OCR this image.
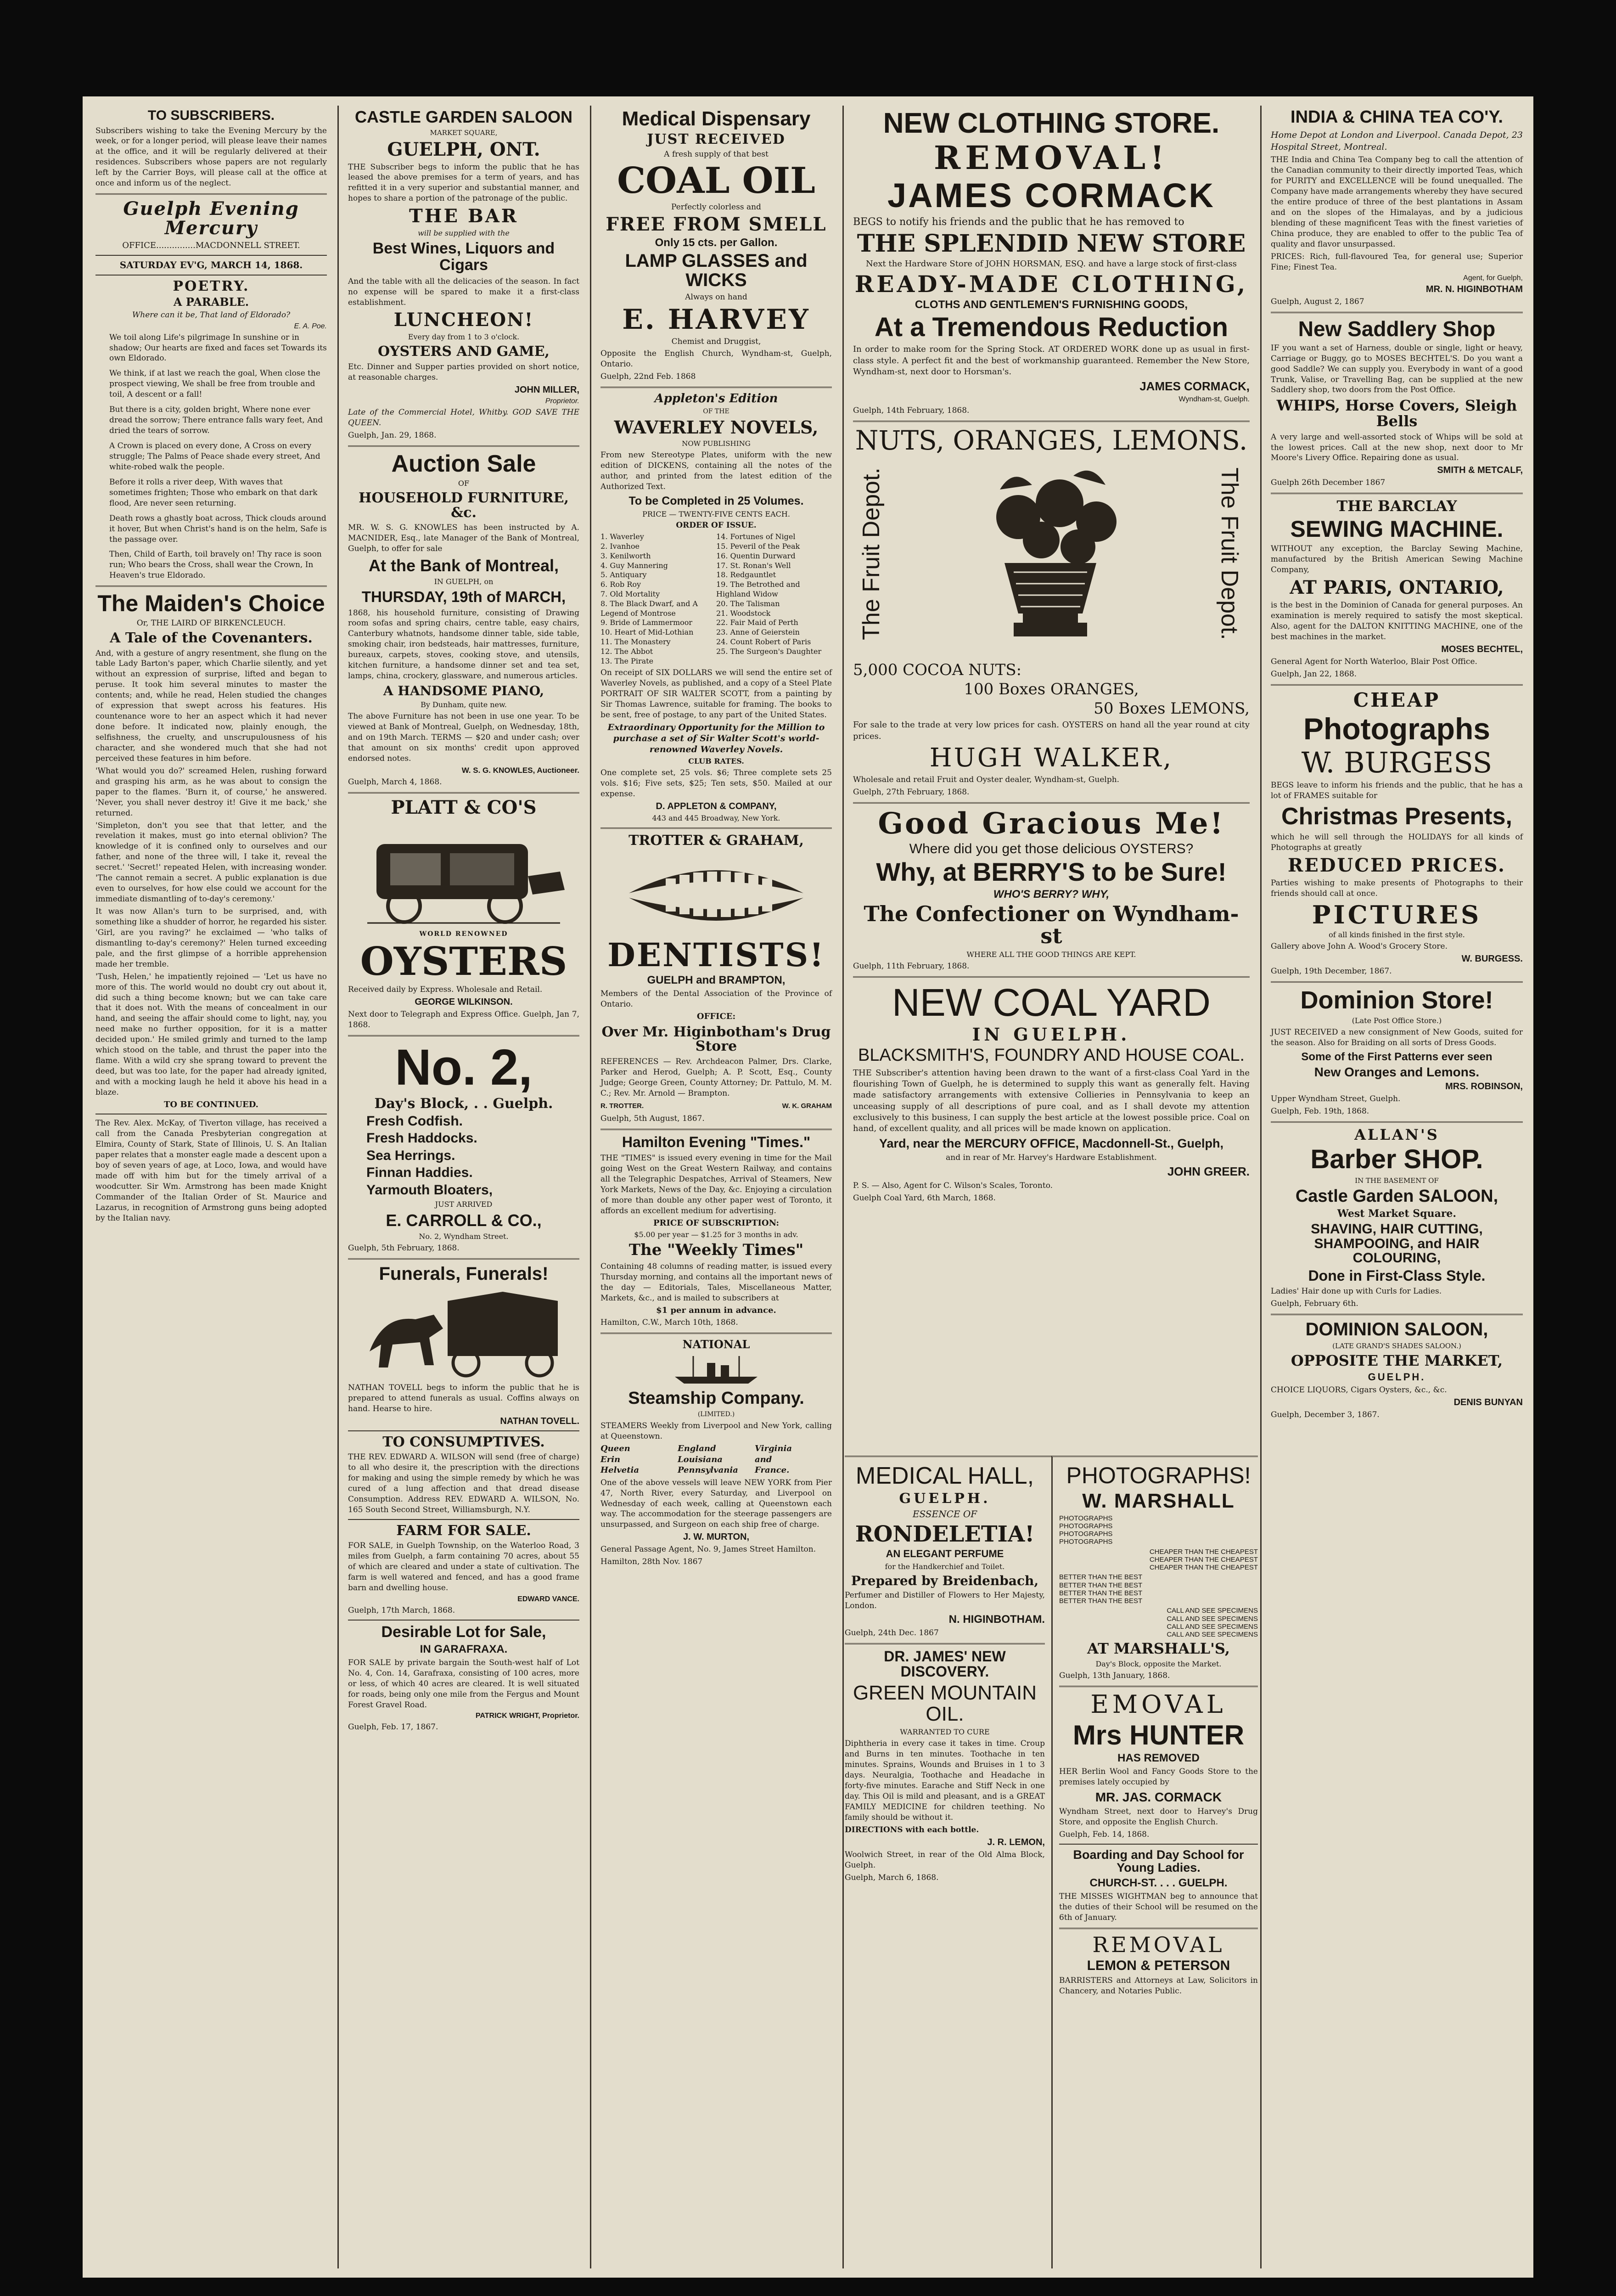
TO SUBSCRIBERS.

Subscribers wishing to take the Evening Mercury by the week, or for a longer period, will please leave their names at the office, and it will be regularly delivered at their residences. Subscribers whose papers are not regularly left by the Carrier Boys, will please call at the office at once and inform us of the neglect.

Guelph Evening Mercury
OFFICE...............MACDONNELL STREET.
SATURDAY EV'G, MARCH 14, 1868.
POETRY.
A PARABLE.
Where can it be, That land of Eldorado?
E. A. Poe.

We toil along Life's pilgrimage In sunshine or in shadow; Our hearts are fixed and faces set Towards its own Eldorado.

We think, if at last we reach the goal, When close the prospect viewing, We shall be free from trouble and toil, A descent or a fall!

But there is a city, golden bright, Where none ever dread the sorrow; There entrance falls wary feet, And dried the tears of sorrow.

A Crown is placed on every done, A Cross on every struggle; The Palms of Peace shade every street, And white-robed walk the people.

Before it rolls a river deep, With waves that sometimes frighten; Those who embark on that dark flood, Are never seen returning.

Death rows a ghastly boat across, Thick clouds around it hover, But when Christ's hand is on the helm, Safe is the passage over.

Then, Child of Earth, toil bravely on! Thy race is soon run; Who bears the Cross, shall wear the Crown, In Heaven's true Eldorado.

The Maiden's Choice
Or, THE LAIRD OF BIRKENCLEUCH.
A Tale of the Covenanters.

And, with a gesture of angry resentment, she flung on the table Lady Barton's paper, which Charlie silently, and yet without an expression of surprise, lifted and began to peruse. It took him several minutes to master the contents; and, while he read, Helen studied the changes of expression that swept across his features. His countenance wore to her an aspect which it had never done before. It indicated now, plainly enough, the selfishness, the cruelty, and unscrupulousness of his character, and she wondered much that she had not perceived these features in him before.

'What would you do?' screamed Helen, rushing forward and grasping his arm, as he was about to consign the paper to the flames. 'Burn it, of course,' he answered. 'Never, you shall never destroy it! Give it me back,' she returned.

'Simpleton, don't you see that that letter, and the revelation it makes, must go into eternal oblivion? The knowledge of it is confined only to ourselves and our father, and none of the three will, I take it, reveal the secret.' 'Secret!' repeated Helen, with increasing wonder. 'The cannot remain a secret. A public explanation is due even to ourselves, for how else could we account for the immediate dismantling of to-day's ceremony.'

It was now Allan's turn to be surprised, and, with something like a shudder of horror, he regarded his sister. 'Girl, are you raving?' he exclaimed — 'who talks of dismantling to-day's ceremony?' Helen turned exceeding pale, and the first glimpse of a horrible apprehension made her tremble.

'Tush, Helen,' he impatiently rejoined — 'Let us have no more of this. The world would no doubt cry out about it, did such a thing become known; but we can take care that it does not. With the means of concealment in our hand, and seeing the affair should come to light, nay, you need make no further opposition, for it is a matter decided upon.' He smiled grimly and turned to the lamp which stood on the table, and thrust the paper into the flame. With a wild cry she sprang toward to prevent the deed, but was too late, for the paper had already ignited, and with a mocking laugh he held it above his head in a blaze.

TO BE CONTINUED.

The Rev. Alex. McKay, of Tiverton village, has received a call from the Canada Presbyterian congregation at Elmira, County of Stark, State of Illinois, U. S. An Italian paper relates that a monster eagle made a descent upon a boy of seven years of age, at Loco, Iowa, and would have made off with him but for the timely arrival of a woodcutter. Sir Wm. Armstrong has been made Knight Commander of the Italian Order of St. Maurice and Lazarus, in recognition of Armstrong guns being adopted by the Italian navy.

CASTLE GARDEN SALOON
MARKET SQUARE,
GUELPH, ONT.

THE Subscriber begs to inform the public that he has leased the above premises for a term of years, and has refitted it in a very superior and substantial manner, and hopes to share a portion of the patronage of the public.

THE BAR
will be supplied with the
Best Wines, Liquors and Cigars

And the table with all the delicacies of the season. In fact no expense will be spared to make it a first-class establishment.

LUNCHEON!
Every day from 1 to 3 o'clock.
OYSTERS AND GAME,

Etc. Dinner and Supper parties provided on short notice, at reasonable charges.

JOHN MILLER,
Proprietor.

Late of the Commercial Hotel, Whitby. GOD SAVE THE QUEEN.

Guelph, Jan. 29, 1868.

Auction Sale
OF
HOUSEHOLD FURNITURE, &c.

MR. W. S. G. KNOWLES has been instructed by A. MACNIDER, Esq., late Manager of the Bank of Montreal, Guelph, to offer for sale

At the Bank of Montreal,
IN GUELPH, on
THURSDAY, 19th of MARCH,

1868, his household furniture, consisting of Drawing room sofas and spring chairs, centre table, easy chairs, Canterbury whatnots, handsome dinner table, side table, smoking chair, iron bedsteads, hair mattresses, furniture, bureaux, carpets, stoves, cooking stove, and utensils, kitchen furniture, a handsome dinner set and tea set, lamps, china, crockery, glassware, and numerous articles.

A HANDSOME PIANO,
By Dunham, quite new.

The above Furniture has not been in use one year. To be viewed at Bank of Montreal, Guelph, on Wednesday, 18th, and on 19th March. TERMS — $20 and under cash; over that amount on six months' credit upon approved endorsed notes.

W. S. G. KNOWLES, Auctioneer.

Guelph, March 4, 1868.

PLATT & CO'S
WORLD RENOWNED
OYSTERS

Received daily by Express. Wholesale and Retail.

GEORGE WILKINSON.

Next door to Telegraph and Express Office. Guelph, Jan 7, 1868.

No. 2,
Day's Block, . . Guelph.
Fresh Codfish.
Fresh Haddocks.
Sea Herrings.
Finnan Haddies.
Yarmouth Bloaters,
JUST ARRIVED
E. CARROLL & CO.,
No. 2, Wyndham Street.

Guelph, 5th February, 1868.

Funerals, Funerals!

NATHAN TOVELL begs to inform the public that he is prepared to attend funerals as usual. Coffins always on hand. Hearse to hire.

NATHAN TOVELL.
TO CONSUMPTIVES.

THE REV. EDWARD A. WILSON will send (free of charge) to all who desire it, the prescription with the directions for making and using the simple remedy by which he was cured of a lung affection and that dread disease Consumption. Address REV. EDWARD A. WILSON, No. 165 South Second Street, Williamsburgh, N.Y.

FARM FOR SALE.

FOR SALE, in Guelph Township, on the Waterloo Road, 3 miles from Guelph, a farm containing 70 acres, about 55 of which are cleared and under a state of cultivation. The farm is well watered and fenced, and has a good frame barn and dwelling house.

EDWARD VANCE.

Guelph, 17th March, 1868.

Desirable Lot for Sale,
IN GARAFRAXA.

FOR SALE by private bargain the South-west half of Lot No. 4, Con. 14, Garafraxa, consisting of 100 acres, more or less, of which 40 acres are cleared. It is well situated for roads, being only one mile from the Fergus and Mount Forest Gravel Road.

PATRICK WRIGHT, Proprietor.

Guelph, Feb. 17, 1867.

Medical Dispensary
JUST RECEIVED
A fresh supply of that best
COAL OIL
Perfectly colorless and
FREE FROM SMELL
Only 15 cts. per Gallon.
LAMP GLASSES and WICKS
Always on hand
E. HARVEY
Chemist and Druggist,

Opposite the English Church, Wyndham-st, Guelph, Ontario.

Guelph, 22nd Feb. 1868

Appleton's Edition
OF THE
WAVERLEY NOVELS,
NOW PUBLISHING

From new Stereotype Plates, uniform with the new edition of DICKENS, containing all the notes of the author, and printed from the latest edition of the Authorized Text.

To be Completed in 25 Volumes.
PRICE — TWENTY-FIVE CENTS EACH.
ORDER OF ISSUE.
1. Waverley
2. Ivanhoe
3. Kenilworth
4. Guy Mannering
5. Antiquary
6. Rob Roy
7. Old Mortality
8. The Black Dwarf, and A Legend of Montrose
9. Bride of Lammermoor
10. Heart of Mid-Lothian
11. The Monastery
12. The Abbot
13. The Pirate
14. Fortunes of Nigel
15. Peveril of the Peak
16. Quentin Durward
17. St. Ronan's Well
18. Redgauntlet
19. The Betrothed and Highland Widow
20. The Talisman
21. Woodstock
22. Fair Maid of Perth
23. Anne of Geierstein
24. Count Robert of Paris
25. The Surgeon's Daughter

On receipt of SIX DOLLARS we will send the entire set of Waverley Novels, as published, and a copy of a Steel Plate PORTRAIT OF SIR WALTER SCOTT, from a painting by Sir Thomas Lawrence, suitable for framing. The books to be sent, free of postage, to any part of the United States.

Extraordinary Opportunity for the Million to purchase a set of Sir Walter Scott's world-renowned Waverley Novels.
CLUB RATES.

One complete set, 25 vols. $6; Three complete sets 25 vols. $16; Five sets, $25; Ten sets, $50. Mailed at our expense.

D. APPLETON & COMPANY,
443 and 445 Broadway, New York.
TROTTER & GRAHAM,
DENTISTS!
GUELPH and BRAMPTON,

Members of the Dental Association of the Province of Ontario.

OFFICE:
Over Mr. Higinbotham's Drug Store

REFERENCES — Rev. Archdeacon Palmer, Drs. Clarke, Parker and Herod, Guelph; A. P. Scott, Esq., County Judge; George Green, County Attorney; Dr. Pattulo, M. M. C.; Rev. Mr. Arnold — Brampton.

R. TROTTER.	W. K. GRAHAM

Guelph, 5th August, 1867.

Hamilton Evening "Times."

THE "TIMES" is issued every evening in time for the Mail going West on the Great Western Railway, and contains all the Telegraphic Despatches, Arrival of Steamers, New York Markets, News of the Day, &c. Enjoying a circulation of more than double any other paper west of Toronto, it affords an excellent medium for advertising.

PRICE OF SUBSCRIPTION:
$5.00 per year — $1.25 for 3 months in adv.
The "Weekly Times"

Containing 48 columns of reading matter, is issued every Thursday morning, and contains all the important news of the day — Editorials, Tales, Miscellaneous Matter, Markets, &c., and is mailed to subscribers at

$1 per annum in advance.

Hamilton, C.W., March 10th, 1868.

NATIONAL
Steamship Company.
(LIMITED.)

STEAMERS Weekly from Liverpool and New York, calling at Queenstown.

Queen
Erin
Helvetia
England
Louisiana
Pennsylvania
Virginia
and
France.

One of the above vessels will leave NEW YORK from Pier 47, North River, every Saturday, and Liverpool on Wednesday of each week, calling at Queenstown each way. The accommodation for the steerage passengers are unsurpassed, and Surgeon on each ship free of charge.

J. W. MURTON,

General Passage Agent, No. 9, James Street Hamilton.

Hamilton, 28th Nov. 1867

NEW CLOTHING STORE.
REMOVAL!
JAMES CORMACK

BEGS to notify his friends and the public that he has removed to

THE SPLENDID NEW STORE
Next the Hardware Store of JOHN HORSMAN, ESQ. and have a large stock of first-class
READY-MADE CLOTHING,
CLOTHS AND GENTLEMEN'S FURNISHING GOODS,
At a Tremendous Reduction

In order to make room for the Spring Stock. AT ORDERED WORK done up as usual in first-class style. A perfect fit and the best of workmanship guaranteed. Remember the New Store, Wyndham-st, next door to Horsman's.

JAMES CORMACK,
Wyndham-st, Guelph.

Guelph, 14th February, 1868.

NUTS, ORANGES, LEMONS.
The Fruit Depot.	The Fruit Depot.
5,000 COCOA NUTS:
100 Boxes ORANGES,
50 Boxes LEMONS,

For sale to the trade at very low prices for cash. OYSTERS on hand all the year round at city prices.

HUGH WALKER,

Wholesale and retail Fruit and Oyster dealer, Wyndham-st, Guelph.

Guelph, 27th February, 1868.

Good Gracious Me!
Where did you get those delicious OYSTERS?
Why, at BERRY'S to be Sure!
WHO'S BERRY? WHY,
The Confectioner on Wyndham-st
WHERE ALL THE GOOD THINGS ARE KEPT.

Guelph, 11th February, 1868.

NEW COAL YARD
IN GUELPH.
BLACKSMITH'S, FOUNDRY AND HOUSE COAL.

THE Subscriber's attention having been drawn to the want of a first-class Coal Yard in the flourishing Town of Guelph, he is determined to supply this want as generally felt. Having made satisfactory arrangements with extensive Collieries in Pennsylvania to keep an unceasing supply of all descriptions of pure coal, and as I shall devote my attention exclusively to this business, I can supply the best article at the lowest possible price. Coal on hand, of excellent quality, and all prices will be made known on application.

Yard, near the MERCURY OFFICE, Macdonnell-St., Guelph,
and in rear of Mr. Harvey's Hardware Establishment.
JOHN GREER.

P. S. — Also, Agent for C. Wilson's Scales, Toronto.

Guelph Coal Yard, 6th March, 1868.

MEDICAL HALL,
GUELPH.
ESSENCE OF
RONDELETIA!
AN ELEGANT PERFUME
for the Handkerchief and Toilet.
Prepared by Breidenbach,

Perfumer and Distiller of Flowers to Her Majesty, London.

N. HIGINBOTHAM.

Guelph, 24th Dec. 1867

DR. JAMES' NEW DISCOVERY.
GREEN MOUNTAIN OIL.
WARRANTED TO CURE

Diphtheria in every case it takes in time. Croup and Burns in ten minutes. Toothache in ten minutes. Sprains, Wounds and Bruises in 1 to 3 days. Neuralgia, Toothache and Headache in forty-five minutes. Earache and Stiff Neck in one day. This Oil is mild and pleasant, and is a GREAT FAMILY MEDICINE for children teething. No family should be without it.

DIRECTIONS with each bottle.

J. R. LEMON,

Woolwich Street, in rear of the Old Alma Block, Guelph.

Guelph, March 6, 1868.

PHOTOGRAPHS!
W. MARSHALL
PHOTOGRAPHS
PHOTOGRAPHS
PHOTOGRAPHS
PHOTOGRAPHS
CHEAPER THAN THE CHEAPEST
CHEAPER THAN THE CHEAPEST
CHEAPER THAN THE CHEAPEST
BETTER THAN THE BEST
BETTER THAN THE BEST
BETTER THAN THE BEST
BETTER THAN THE BEST
CALL AND SEE SPECIMENS
CALL AND SEE SPECIMENS
CALL AND SEE SPECIMENS
CALL AND SEE SPECIMENS
AT MARSHALL'S,
Day's Block, opposite the Market.

Guelph, 13th January, 1868.

EMOVAL
Mrs HUNTER
HAS REMOVED

HER Berlin Wool and Fancy Goods Store to the premises lately occupied by

MR. JAS. CORMACK

Wyndham Street, next door to Harvey's Drug Store, and opposite the English Church.

Guelph, Feb. 14, 1868.

Boarding and Day School for Young Ladies.
CHURCH-ST. . . . GUELPH.

THE MISSES WIGHTMAN beg to announce that the duties of their School will be resumed on the 6th of January.

REMOVAL
LEMON & PETERSON

BARRISTERS and Attorneys at Law, Solicitors in Chancery, and Notaries Public.

INDIA & CHINA TEA CO'Y.

Home Depot at London and Liverpool. Canada Depot, 23 Hospital Street, Montreal.

THE India and China Tea Company beg to call the attention of the Canadian community to their directly imported Teas, which for PURITY and EXCELLENCE will be found unequalled. The Company have made arrangements whereby they have secured the entire produce of three of the best plantations in Assam and on the slopes of the Himalayas, and by a judicious blending of these magnificent Teas with the finest varieties of China produce, they are enabled to offer to the public Tea of quality and flavor unsurpassed.

PRICES: Rich, full-flavoured Tea, for general use; Superior Fine; Finest Tea.

Agent, for Guelph,
MR. N. HIGINBOTHAM

Guelph, August 2, 1867

New Saddlery Shop

IF you want a set of Harness, double or single, light or heavy, Carriage or Buggy, go to MOSES BECHTEL'S. Do you want a good Saddle? We can supply you. Everybody in want of a good Trunk, Valise, or Travelling Bag, can be supplied at the new Saddlery shop, two doors from the Post Office.

WHIPS, Horse Covers, Sleigh Bells

A very large and well-assorted stock of Whips will be sold at the lowest prices. Call at the new shop, next door to Mr Moore's Livery Office. Repairing done as usual.

SMITH & METCALF,

Guelph 26th December 1867

THE BARCLAY
SEWING MACHINE.

WITHOUT any exception, the Barclay Sewing Machine, manufactured by the British American Sewing Machine Company,

AT PARIS, ONTARIO,

is the best in the Dominion of Canada for general purposes. An examination is merely required to satisfy the most skeptical. Also, agent for the DALTON KNITTING MACHINE, one of the best machines in the market.

MOSES BECHTEL,

General Agent for North Waterloo, Blair Post Office.

Guelph, Jan 22, 1868.

CHEAP
Photographs
W. BURGESS

BEGS leave to inform his friends and the public, that he has a lot of FRAMES suitable for

Christmas Presents,

which he will sell through the HOLIDAYS for all kinds of Photographs at greatly

REDUCED PRICES.

Parties wishing to make presents of Photographs to their friends should call at once.

PICTURES
of all kinds finished in the first style.

Gallery above John A. Wood's Grocery Store.

W. BURGESS.

Guelph, 19th December, 1867.

Dominion Store!
(Late Post Office Store.)

JUST RECEIVED a new consignment of New Goods, suited for the season. Also for Braiding on all sorts of Dress Goods.

Some of the First Patterns ever seen
New Oranges and Lemons.
MRS. ROBINSON,

Upper Wyndham Street, Guelph.

Guelph, Feb. 19th, 1868.

ALLAN'S
Barber SHOP.
IN THE BASEMENT OF
Castle Garden SALOON,
West Market Square.
SHAVING, HAIR CUTTING, SHAMPOOING, and HAIR COLOURING,
Done in First-Class Style.

Ladies' Hair done up with Curls for Ladies.

Guelph, February 6th.

DOMINION SALOON,
(LATE GRAND'S SHADES SALOON.)
OPPOSITE THE MARKET,
GUELPH.

CHOICE LIQUORS, Cigars Oysters, &c., &c.

DENIS BUNYAN

Guelph, December 3, 1867.
